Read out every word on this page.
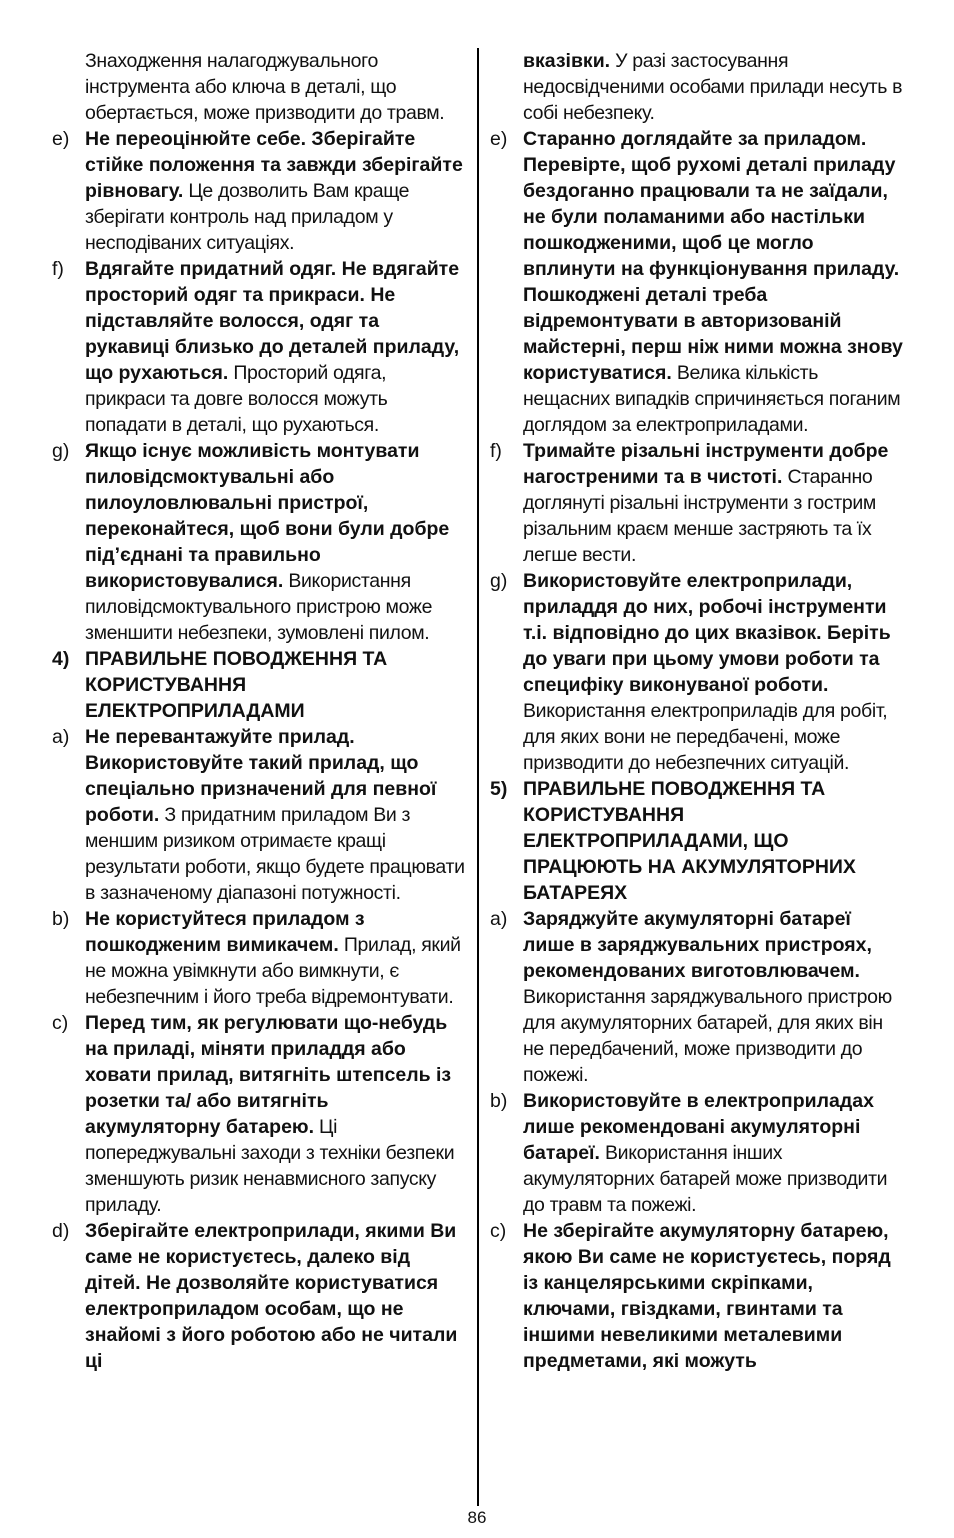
Знаходження налагоджувального інструмента або ключа в деталі, що обертається, може призводити до травм.
e) Не переоцінюйте себе. Зберігайте стійке положення та завжди зберігайте рівновагу. Це дозволить Вам краще зберігати контроль над приладом у несподіваних ситуаціях.
f)	Вдягайте придатний одяг. Не вдягайте просторий одяг та прикраси. Не підставляйте волосся, одяг та рукавиці близько до деталей приладу, що рухаються. Просторий одяга, прикраси та довге волосся можуть попадати в деталі, що рухаються.
g) Якщо існує можливість монтувати пиловідсмоктувальні або пилоуловлювальні пристрої, переконайтеся, щоб вони були добре під’єднані та правильно використовувалися. Використання пиловідсмоктувального пристрою може зменшити небезпеки, зумовлені пилом.
4) ПРАВИЛЬНЕ ПОВОДЖЕННЯ ТА КОРИСТУВАННЯ ЕЛЕКТРОПРИЛАДАМИ
a) Не перевантажуйте прилад. Використовуйте такий прилад, що спеціально призначений для певної роботи. З придатним приладом Ви з меншим ризиком отримаєте кращі результати роботи, якщо будете працювати в зазначеному діапазоні потужності.
b) Не користуйтеся приладом з пошкодженим вимикачем. Прилад, який не можна увімкнути або вимкнути, є небезпечним і його треба відремонтувати.
c) Перед тим, як регулювати що-небудь на приладі, міняти приладдя або ховати прилад, витягніть штепсель із розетки та/ або витягніть акумуляторну батарею. Ці попереджувальні заходи з техніки безпеки зменшують ризик ненавмисного запуску приладу.
d) Зберігайте електроприлади, якими Ви саме не користуєтесь, далеко від дітей. Не дозволяйте користуватися електроприладом особам, що не знайомі з його роботою або не читали ці
вказівки. У разі застосування недосвідченими особами прилади несуть в собі небезпеку.
e) Старанно доглядайте за приладом. Перевірте, щоб рухомі деталі приладу бездоганно працювали та не заїдали, не були поламаними або настільки пошкодженими, щоб це могло вплинути на функціонування приладу. Пошкоджені деталі треба відремонтувати в авторизованій майстерні, перш ніж ними можна знову користуватися. Велика кількість нещасних випадків спричиняється поганим доглядом за електроприладами.
f)	Тримайте різальні інструменти добре нагостреними та в чистоті. Старанно доглянуті різальні інструменти з гострим різальним краєм менше застряють та їх легше вести.
g) Використовуйте електроприлади, приладдя до них, робочі інструменти т.і. відповідно до цих вказівок. Беріть до уваги при цьому умови роботи та специфіку виконуваної роботи. Використання електроприладів для робіт, для яких вони не передбачені, може призводити до небезпечних ситуацій.
5) ПРАВИЛЬНЕ ПОВОДЖЕННЯ ТА КОРИСТУВАННЯ ЕЛЕКТРОПРИЛАДАМИ, ЩО ПРАЦЮЮТЬ НА АКУМУЛЯТОРНИХ БАТАРЕЯХ
a) Заряджуйте акумуляторні батареї лише в заряджувальних пристроях, рекомендованих виготовлювачем. Використання заряджувального пристрою для акумуляторних батарей, для яких він не передбачений, може призводити до пожежі.
b) Використовуйте в електроприладах лише рекомендовані акумуляторні батареї. Використання інших акумуляторних батарей може призводити до травм та пожежі.
c) Не зберігайте акумуляторну батарею, якою Ви саме не користуєтесь, поряд із канцелярськими скріпками, ключами, гвіздками, гвинтами та іншими невеликими металевими предметами, які можуть
86
